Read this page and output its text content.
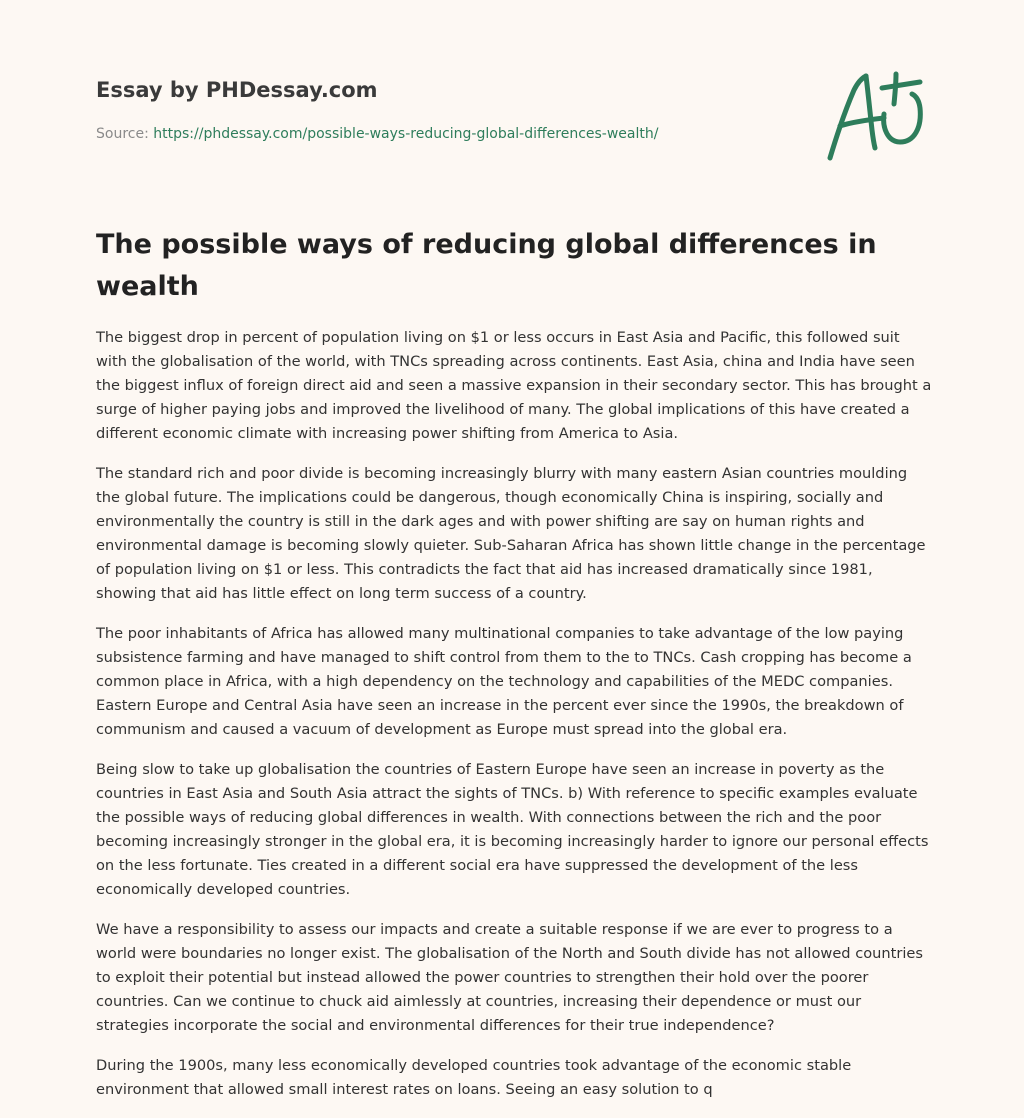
Essay by PHDessay.com
Source: https://phdessay.com/possible-ways-reducing-global-differences-wealth/
The possible ways of reducing global differences in wealth

The biggest drop in percent of population living on $1 or less occurs in East Asia and Pacific, this followed suit with the globalisation of the world, with TNCs spreading across continents. East Asia, china and India have seen the biggest influx of foreign direct aid and seen a massive expansion in their secondary sector. This has brought a surge of higher paying jobs and improved the livelihood of many. The global implications of this have created a different economic climate with increasing power shifting from America to Asia.

The standard rich and poor divide is becoming increasingly blurry with many eastern Asian countries moulding the global future. The implications could be dangerous, though economically China is inspiring, socially and environmentally the country is still in the dark ages and with power shifting are say on human rights and environmental damage is becoming slowly quieter. Sub-Saharan Africa has shown little change in the percentage of population living on $1 or less. This contradicts the fact that aid has increased dramatically since 1981, showing that aid has little effect on long term success of a country.

The poor inhabitants of Africa has allowed many multinational companies to take advantage of the low paying subsistence farming and have managed to shift control from them to the to TNCs. Cash cropping has become a common place in Africa, with a high dependency on the technology and capabilities of the MEDC companies. Eastern Europe and Central Asia have seen an increase in the percent ever since the 1990s, the breakdown of communism and caused a vacuum of development as Europe must spread into the global era.

Being slow to take up globalisation the countries of Eastern Europe have seen an increase in poverty as the countries in East Asia and South Asia attract the sights of TNCs. b) With reference to specific examples evaluate the possible ways of reducing global differences in wealth. With connections between the rich and the poor becoming increasingly stronger in the global era, it is becoming increasingly harder to ignore our personal effects on the less fortunate. Ties created in a different social era have suppressed the development of the less economically developed countries.

We have a responsibility to assess our impacts and create a suitable response if we are ever to progress to a world were boundaries no longer exist. The globalisation of the North and South divide has not allowed countries to exploit their potential but instead allowed the power countries to strengthen their hold over the poorer countries. Can we continue to chuck aid aimlessly at countries, increasing their dependence or must our strategies incorporate the social and environmental differences for their true independence?

During the 1900s, many less economically developed countries took advantage of the economic stable environment that allowed small interest rates on loans. Seeing an easy solution to q
